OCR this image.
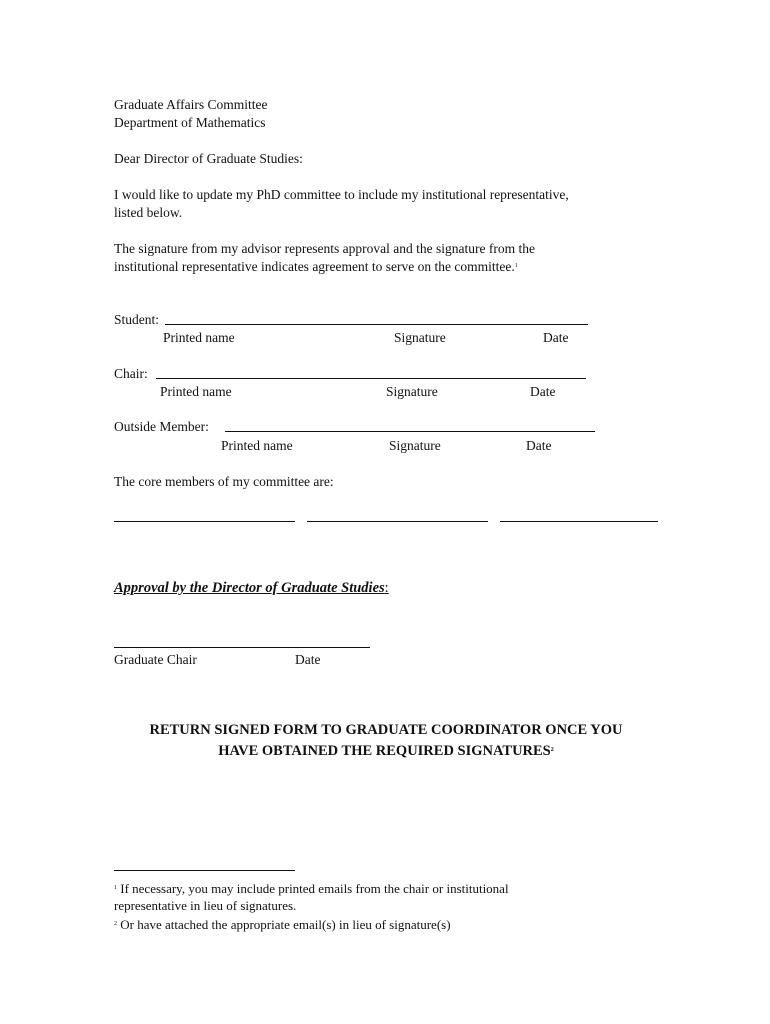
Graduate Affairs Committee
Department of Mathematics
Dear Director of Graduate Studies:
I would like to update my PhD committee to include my institutional representative,
listed below.
The signature from my advisor represents approval and the signature from the
institutional representative indicates agreement to serve on the committee.$^1$
Student:
Printed name	Signature	Date
Chair:
Printed name	Signature	Date
Outside Member:
Printed name	Signature	Date
The core members of my committee are:
Approval by the Director of Graduate Studies:
Graduate Chair	Date
RETURN SIGNED FORM TO GRADUATE COORDINATOR ONCE YOU
HAVE OBTAINED THE REQUIRED SIGNATURES$^2$
$^1$ If necessary, you may include printed emails from the chair or institutional
representative in lieu of signatures.
$^2$ Or have attached the appropriate email(s) in lieu of signature(s)
